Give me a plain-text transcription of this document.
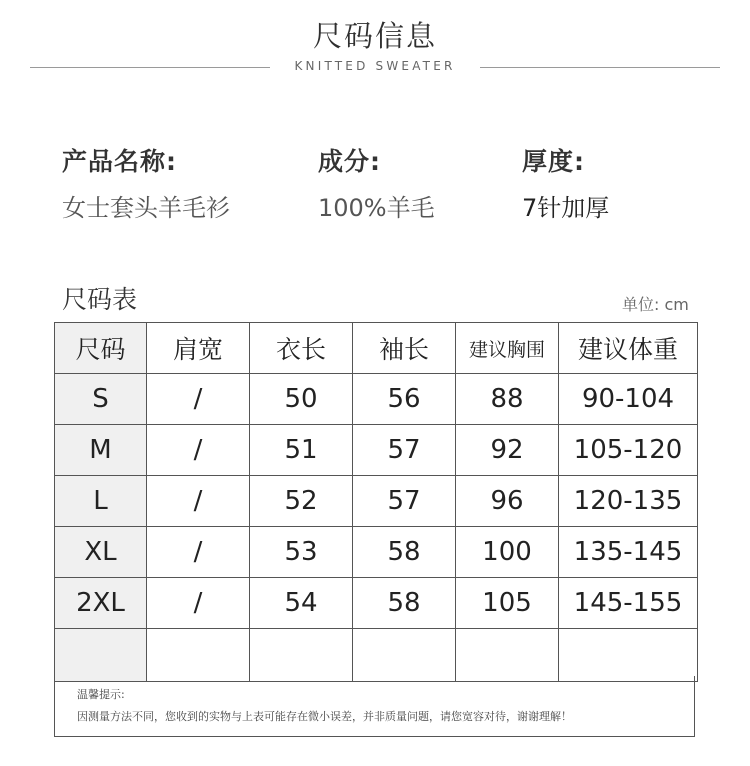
尺码信息
KNITTED SWEATER
产品名称:
女士套头羊毛衫
成分:
100%羊毛
厚度:
7针加厚
尺码表	单位: cm
尺码	肩宽	衣长	袖长	建议胸围	建议体重
S	/	50	56	88	90-104
M	/	51	57	92	105-120
L	/	52	57	96	120-135
XL	/	53	58	100	135-145
2XL	/	54	58	105	145-155

温馨提示:
因测量方法不同，您收到的实物与上表可能存在微小误差，并非质量问题，请您宽容对待，谢谢理解！
